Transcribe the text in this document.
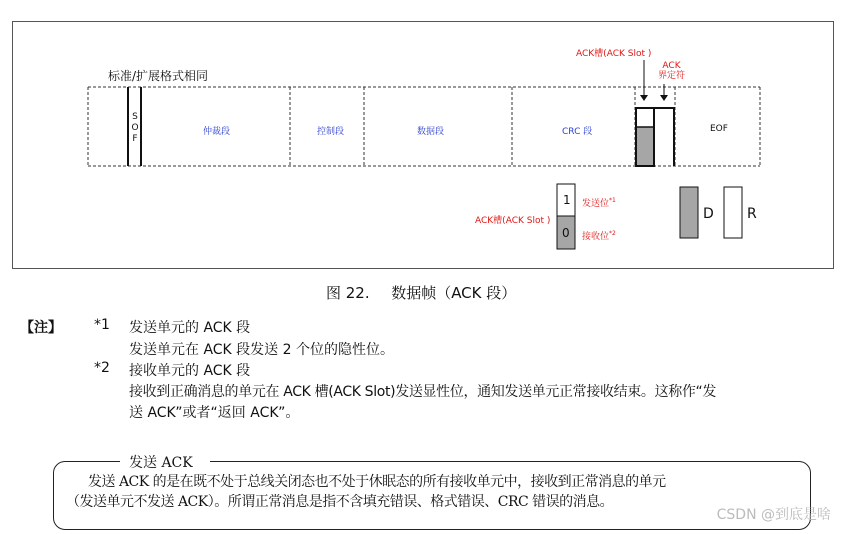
标准/扩展格式相同
S
O
F
仲裁段	控制段	数据段	CRC 段	EOF
ACK槽(ACK Slot )
ACK
界定符
1
0
ACK槽(ACK Slot )
发送位$^{*1}$
接收位$^{*2}$
D R
图 22. 数据帧（ACK 段）
【注】 *1 发送单元的 ACK 段
发送单元在 ACK 段发送 2 个位的隐性位。
*2 接收单元的 ACK 段
接收到正确消息的单元在 ACK 槽(ACK Slot)发送显性位，通知发送单元正常接收结束。这称作“发
送 ACK”或者“返回 ACK”。
发送 ACK
发送 ACK 的是在既不处于总线关闭态也不处于休眠态的所有接收单元中，接收到正常消息的单元
（发送单元不发送 ACK）。所谓正常消息是指不含填充错误、格式错误、CRC 错误的消息。
CSDN @到底是啥
